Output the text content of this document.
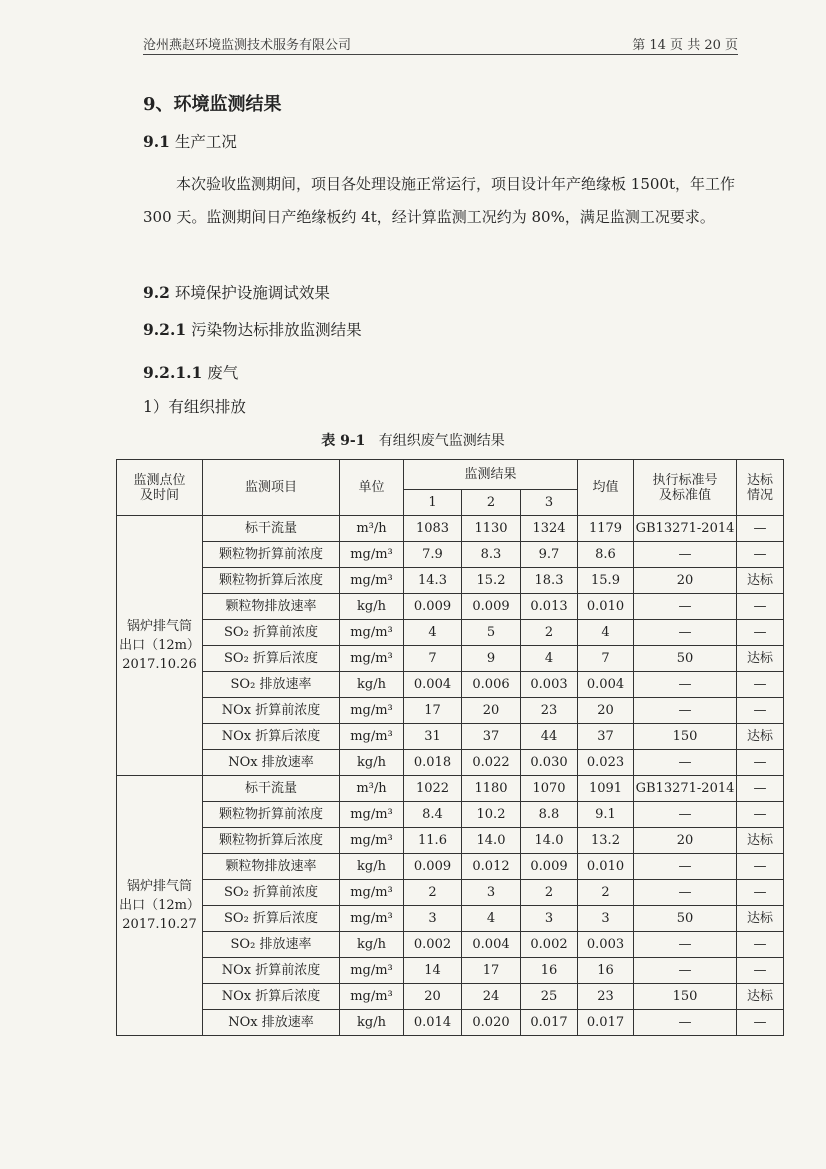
沧州燕赵环境监测技术服务有限公司	第 14 页 共 20 页
9、环境监测结果
9.1 生产工况
本次验收监测期间，项目各处理设施正常运行，项目设计年产绝缘板 1500t，年工作 300 天。监测期间日产绝缘板约 4t，经计算监测工况约为 80%，满足监测工况要求。
9.2 环境保护设施调试效果
9.2.1 污染物达标排放监测结果
9.2.1.1 废气
1）有组织排放
表 9-1 有组织废气监测结果
监测点位
及时间	监测项目	单位	监测结果			均值	执行标准号
及标准值	达标
情况
			1	2	3			
锅炉排气筒
出口（12m）
2017.10.26	标干流量	m³/h	1083	1130	1324	1179	GB13271-2014	—
	颗粒物折算前浓度	mg/m³	7.9	8.3	9.7	8.6	—	—
	颗粒物折算后浓度	mg/m³	14.3	15.2	18.3	15.9	20	达标
	颗粒物排放速率	kg/h	0.009	0.009	0.013	0.010	—	—
	SO₂ 折算前浓度	mg/m³	4	5	2	4	—	—
	SO₂ 折算后浓度	mg/m³	7	9	4	7	50	达标
	SO₂ 排放速率	kg/h	0.004	0.006	0.003	0.004	—	—
	NOx 折算前浓度	mg/m³	17	20	23	20	—	—
	NOx 折算后浓度	mg/m³	31	37	44	37	150	达标
	NOx 排放速率	kg/h	0.018	0.022	0.030	0.023	—	—
锅炉排气筒
出口（12m）
2017.10.27	标干流量	m³/h	1022	1180	1070	1091	GB13271-2014	—
	颗粒物折算前浓度	mg/m³	8.4	10.2	8.8	9.1	—	—
	颗粒物折算后浓度	mg/m³	11.6	14.0	14.0	13.2	20	达标
	颗粒物排放速率	kg/h	0.009	0.012	0.009	0.010	—	—
	SO₂ 折算前浓度	mg/m³	2	3	2	2	—	—
	SO₂ 折算后浓度	mg/m³	3	4	3	3	50	达标
	SO₂ 排放速率	kg/h	0.002	0.004	0.002	0.003	—	—
	NOx 折算前浓度	mg/m³	14	17	16	16	—	—
	NOx 折算后浓度	mg/m³	20	24	25	23	150	达标
	NOx 排放速率	kg/h	0.014	0.020	0.017	0.017	—	—
